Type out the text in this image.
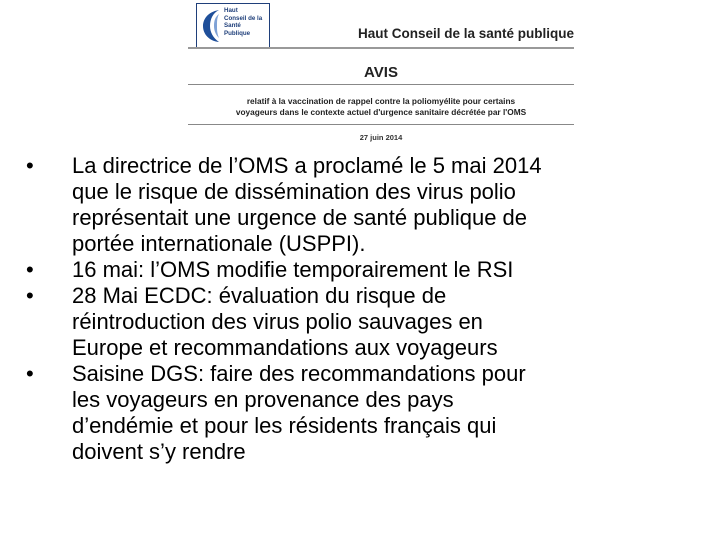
Haut
Conseil de la
Santé
Publique	Haut Conseil de la santé publique
AVIS
relatif à la vaccination de rappel contre la poliomyélite pour certains
voyageurs dans le contexte actuel d'urgence sanitaire décrétée par l'OMS
27 juin 2014
• La directrice de l’OMS a proclamé le 5 mai 2014
que le risque de dissémination des virus polio
représentait une urgence de santé publique de
portée internationale (USPPI).
• 16 mai: l’OMS modifie temporairement le RSI
• 28 Mai ECDC: évaluation du risque de
réintroduction des virus polio sauvages en
Europe et recommandations aux voyageurs
• Saisine DGS: faire des recommandations pour
les voyageurs en provenance des pays
d’endémie et pour les résidents français qui
doivent s’y rendre
